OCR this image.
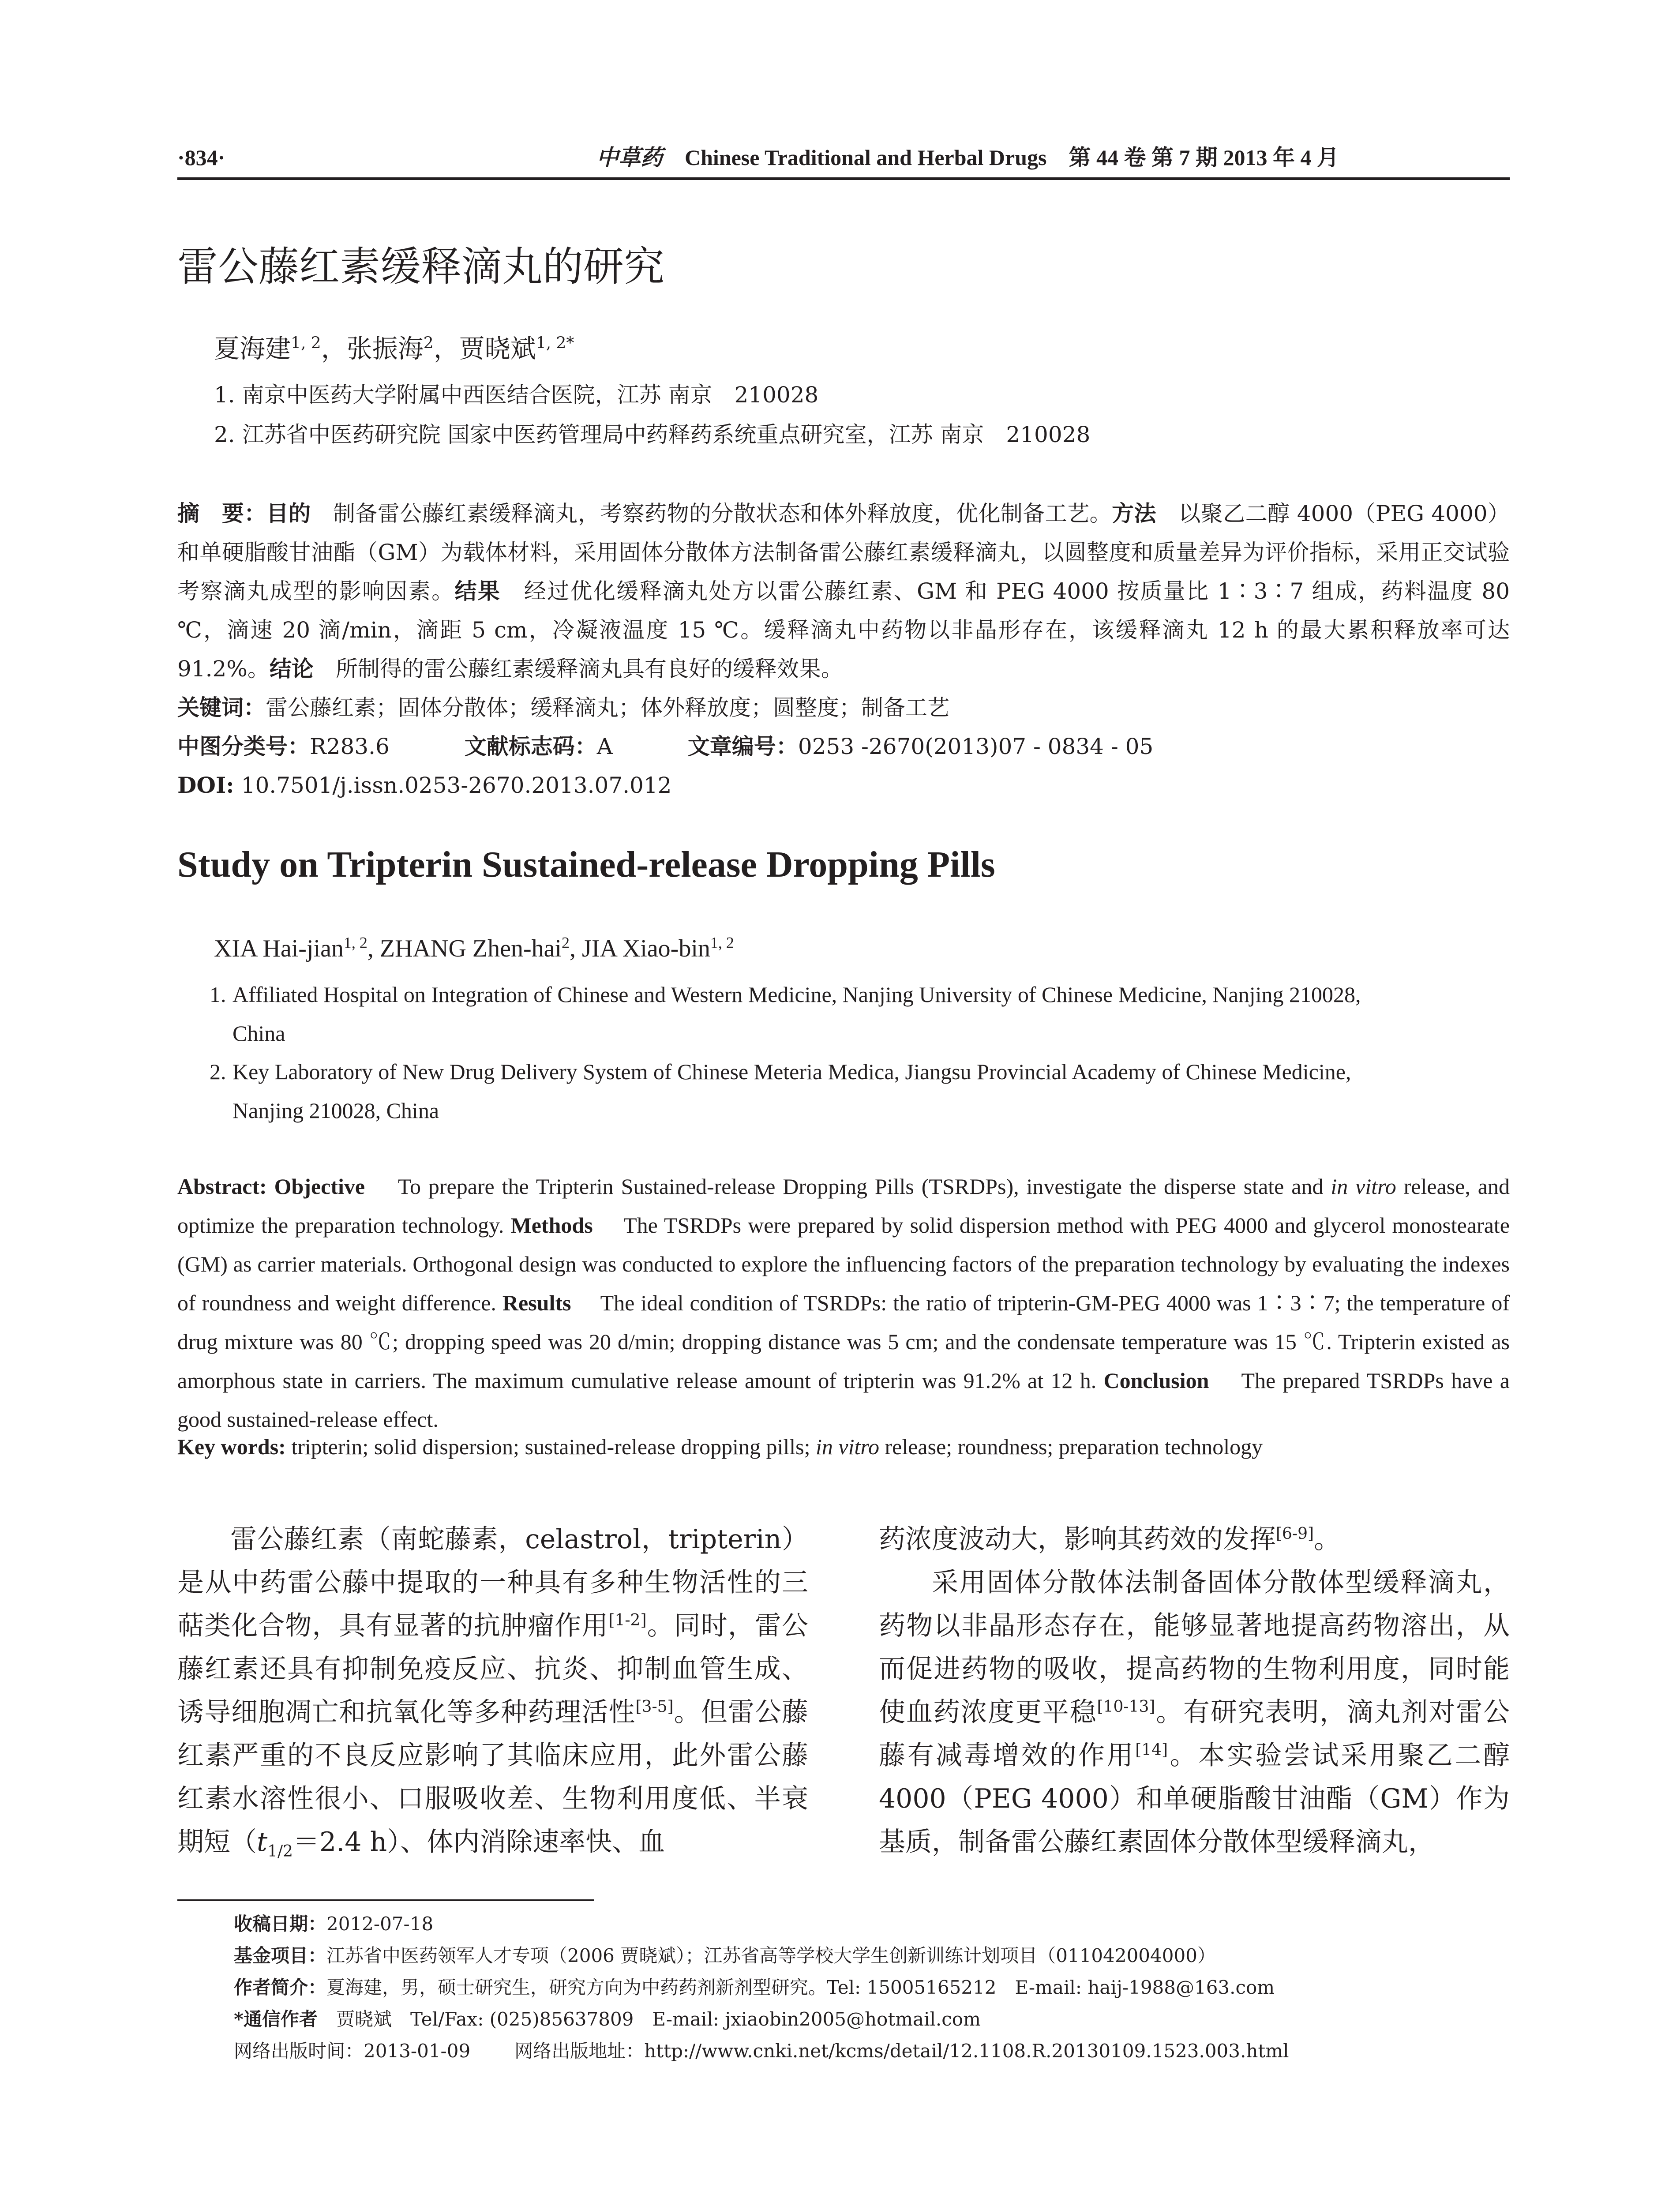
·834·	中草药 Chinese Traditional and Herbal Drugs　第 44 卷 第 7 期 2013 年 4 月
雷公藤红素缓释滴丸的研究
夏海建$^{1, 2}$，张振海$^2$，贾晓斌$^{1, 2*}$
1. 南京中医药大学附属中西医结合医院，江苏 南京　210028
2. 江苏省中医药研究院 国家中医药管理局中药释药系统重点研究室，江苏 南京　210028
摘　要：目的　 制备雷公藤红素缓释滴丸，考察药物的分散状态和体外释放度，优化制备工艺。方法　 以聚乙二醇 4000（PEG 4000）和单硬脂酸甘油酯（GM）为载体材料，采用固体分散体方法制备雷公藤红素缓释滴丸，以圆整度和质量差异为评价指标，采用正交试验考察滴丸成型的影响因素。结果　 经过优化缓释滴丸处方以雷公藤红素、GM 和 PEG 4000 按质量比 1∶3∶7 组成，药料温度 80 ℃，滴速 20 滴/min，滴距 5 cm，冷凝液温度 15 ℃。缓释滴丸中药物以非晶形存在，该缓释滴丸 12 h 的最大累积释放率可达 91.2%。结论　 所制得的雷公藤红素缓释滴丸具有良好的缓释效果。
关键词：雷公藤红素；固体分散体；缓释滴丸；体外释放度；圆整度；制备工艺
中图分类号：R283.6	文献标志码：A	文章编号：0253 -2670(2013)07 - 0834 - 05
DOI: 10.7501/j.issn.0253-2670.2013.07.012
Study on Tripterin Sustained-release Dropping Pills
XIA Hai-jian$^{1, 2}$, ZHANG Zhen-hai$^2$, JIA Xiao-bin$^{1, 2}$
1. Affiliated Hospital on Integration of Chinese and Western Medicine, Nanjing University of Chinese Medicine, Nanjing 210028,
China
2. Key Laboratory of New Drug Delivery System of Chinese Meteria Medica, Jiangsu Provincial Academy of Chinese Medicine,
Nanjing 210028, China
Abstract: Objective　 To prepare the Tripterin Sustained-release Dropping Pills (TSRDPs), investigate the disperse state and in vitro release, and optimize the preparation technology. Methods　 The TSRDPs were prepared by solid dispersion method with PEG 4000 and glycerol monostearate (GM) as carrier materials. Orthogonal design was conducted to explore the influencing factors of the preparation technology by evaluating the indexes of roundness and weight difference. Results　 The ideal condition of TSRDPs: the ratio of tripterin-GM-PEG 4000 was 1∶3∶7; the temperature of drug mixture was 80 ℃; dropping speed was 20 d/min; dropping distance was 5 cm; and the condensate temperature was 15 ℃. Tripterin existed as amorphous state in carriers. The maximum cumulative release amount of tripterin was 91.2% at 12 h. Conclusion　 The prepared TSRDPs have a good sustained-release effect.
Key words: tripterin; solid dispersion; sustained-release dropping pills; in vitro release; roundness; preparation technology

雷公藤红素（南蛇藤素，celastrol，tripterin）是从中药雷公藤中提取的一种具有多种生物活性的三萜类化合物，具有显著的抗肿瘤作用[1-2]。同时，雷公藤红素还具有抑制免疫反应、抗炎、抑制血管生成、诱导细胞凋亡和抗氧化等多种药理活性[3-5]。但雷公藤红素严重的不良反应影响了其临床应用，此外雷公藤红素水溶性很小、口服吸收差、生物利用度低、半衰期短（$t_{1/2}=2.4$ h）、体内消除速率快、血

药浓度波动大，影响其药效的发挥[6-9]。

采用固体分散体法制备固体分散体型缓释滴丸，药物以非晶形态存在，能够显著地提高药物溶出，从而促进药物的吸收，提高药物的生物利用度，同时能使血药浓度更平稳[10-13]。有研究表明，滴丸剂对雷公藤有减毒增效的作用[14]。本实验尝试采用聚乙二醇 4000（PEG 4000）和单硬脂酸甘油酯（GM）作为基质，制备雷公藤红素固体分散体型缓释滴丸，

收稿日期：2012-07-18
基金项目：江苏省中医药领军人才专项（2006 贾晓斌）；江苏省高等学校大学生创新训练计划项目（011042004000）
作者简介：夏海建，男，硕士研究生，研究方向为中药药剂新剂型研究。Tel: 15005165212　E-mail: haij-1988@163.com
*通信作者　 贾晓斌　Tel/Fax: (025)85637809　E-mail: jxiaobin2005@hotmail.com
网络出版时间：2013-01-09 网络出版地址：http://www.cnki.net/kcms/detail/12.1108.R.20130109.1523.003.html
